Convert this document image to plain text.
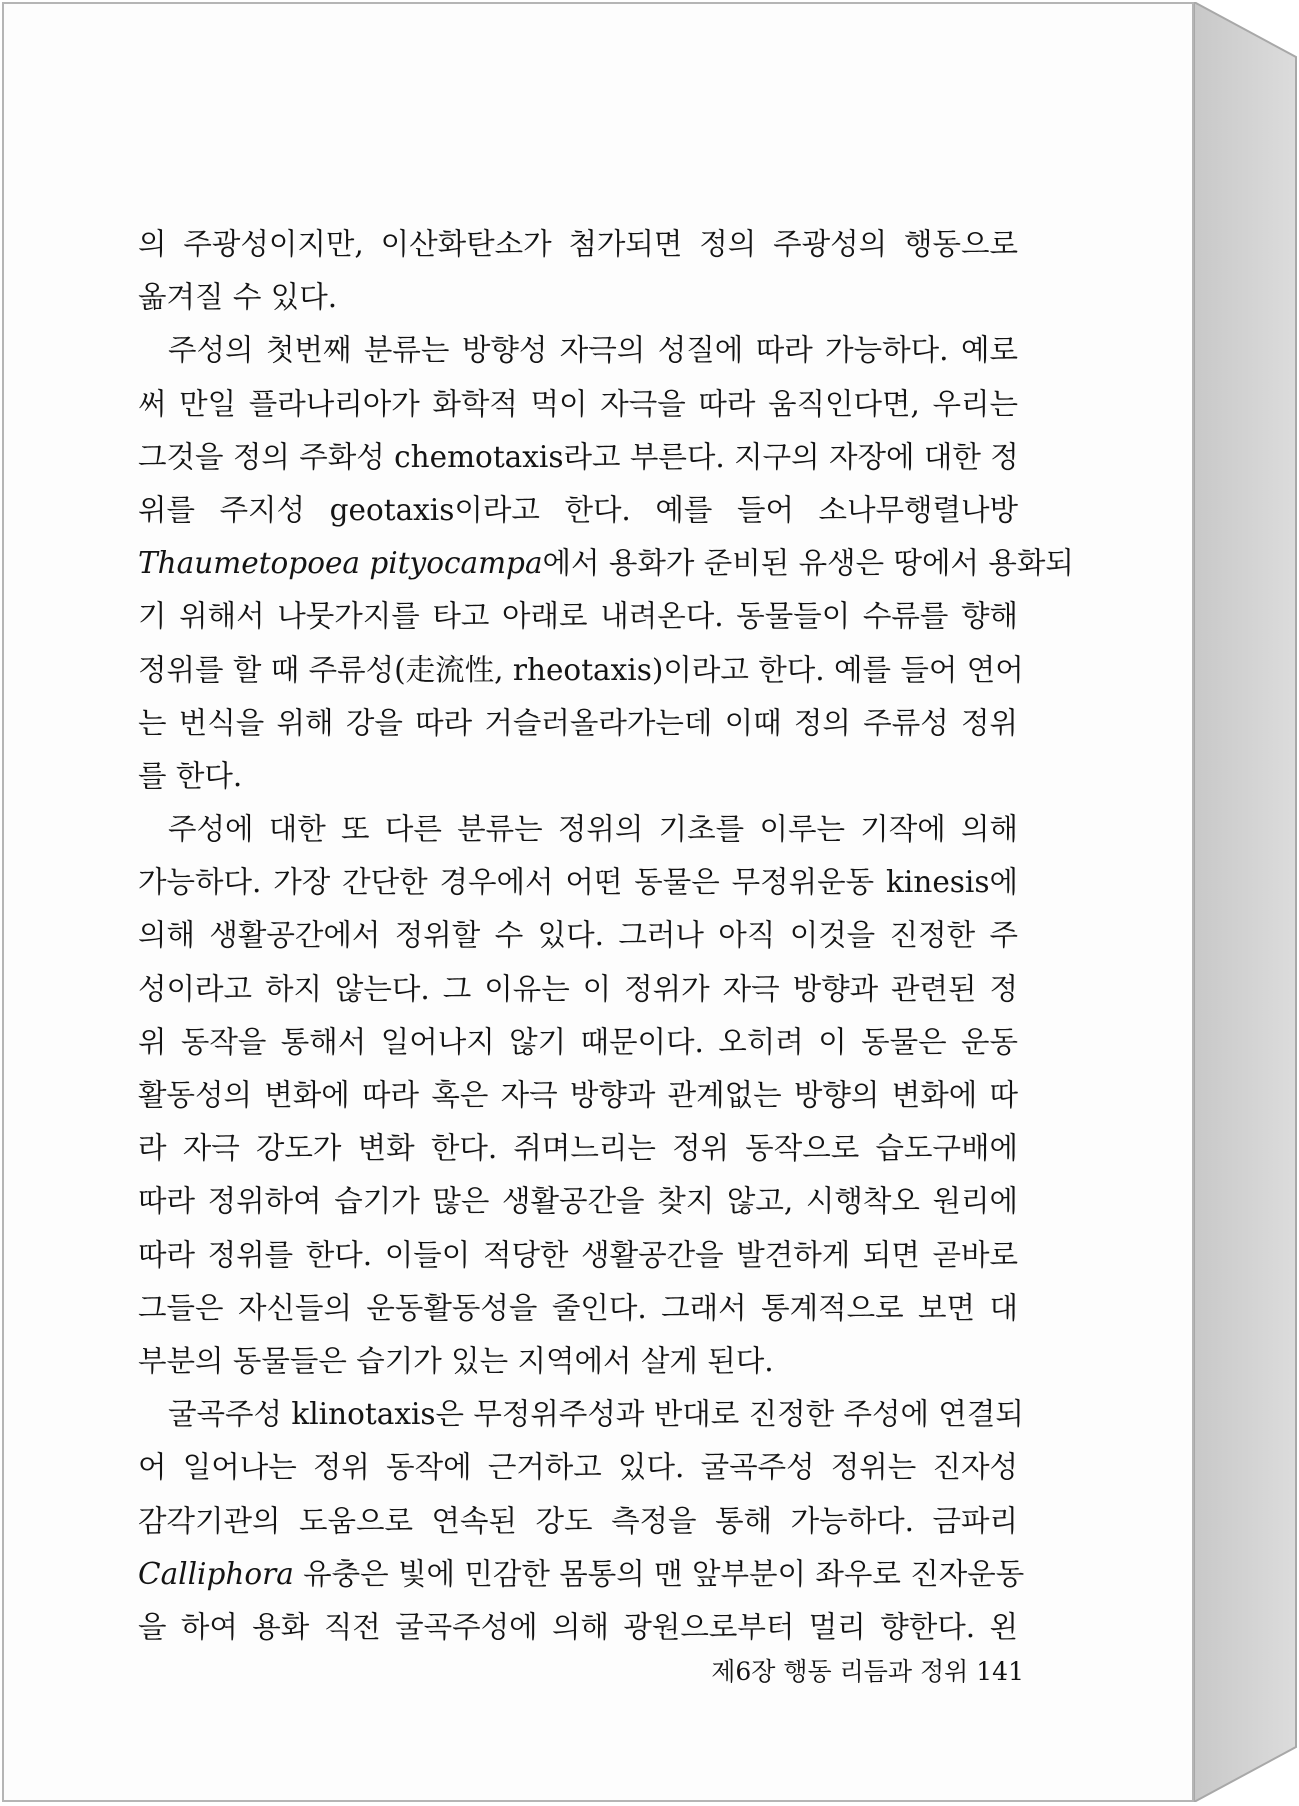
의 주광성이지만, 이산화탄소가 첨가되면 정의 주광성의 행동으로
옮겨질 수 있다.
주성의 첫번째 분류는 방향성 자극의 성질에 따라 가능하다. 예로
써 만일 플라나리아가 화학적 먹이 자극을 따라 움직인다면, 우리는
그것을 정의 주화성 chemotaxis라고 부른다. 지구의 자장에 대한 정
위를 주지성 geotaxis이라고 한다. 예를 들어 소나무행렬나방
Thaumetopoea pityocampa에서 용화가 준비된 유생은 땅에서 용화되
기 위해서 나뭇가지를 타고 아래로 내려온다. 동물들이 수류를 향해
정위를 할 때 주류성(走流性, rheotaxis)이라고 한다. 예를 들어 연어
는 번식을 위해 강을 따라 거슬러올라가는데 이때 정의 주류성 정위
를 한다.
주성에 대한 또 다른 분류는 정위의 기초를 이루는 기작에 의해
가능하다. 가장 간단한 경우에서 어떤 동물은 무정위운동 kinesis에
의해 생활공간에서 정위할 수 있다. 그러나 아직 이것을 진정한 주
성이라고 하지 않는다. 그 이유는 이 정위가 자극 방향과 관련된 정
위 동작을 통해서 일어나지 않기 때문이다. 오히려 이 동물은 운동
활동성의 변화에 따라 혹은 자극 방향과 관계없는 방향의 변화에 따
라 자극 강도가 변화 한다. 쥐며느리는 정위 동작으로 습도구배에
따라 정위하여 습기가 많은 생활공간을 찾지 않고, 시행착오 원리에
따라 정위를 한다. 이들이 적당한 생활공간을 발견하게 되면 곧바로
그들은 자신들의 운동활동성을 줄인다. 그래서 통계적으로 보면 대
부분의 동물들은 습기가 있는 지역에서 살게 된다.
굴곡주성 klinotaxis은 무정위주성과 반대로 진정한 주성에 연결되
어 일어나는 정위 동작에 근거하고 있다. 굴곡주성 정위는 진자성
감각기관의 도움으로 연속된 강도 측정을 통해 가능하다. 금파리
Calliphora 유충은 빛에 민감한 몸통의 맨 앞부분이 좌우로 진자운동
을 하여 용화 직전 굴곡주성에 의해 광원으로부터 멀리 향한다. 왼
제6장 행동 리듬과 정위 141
